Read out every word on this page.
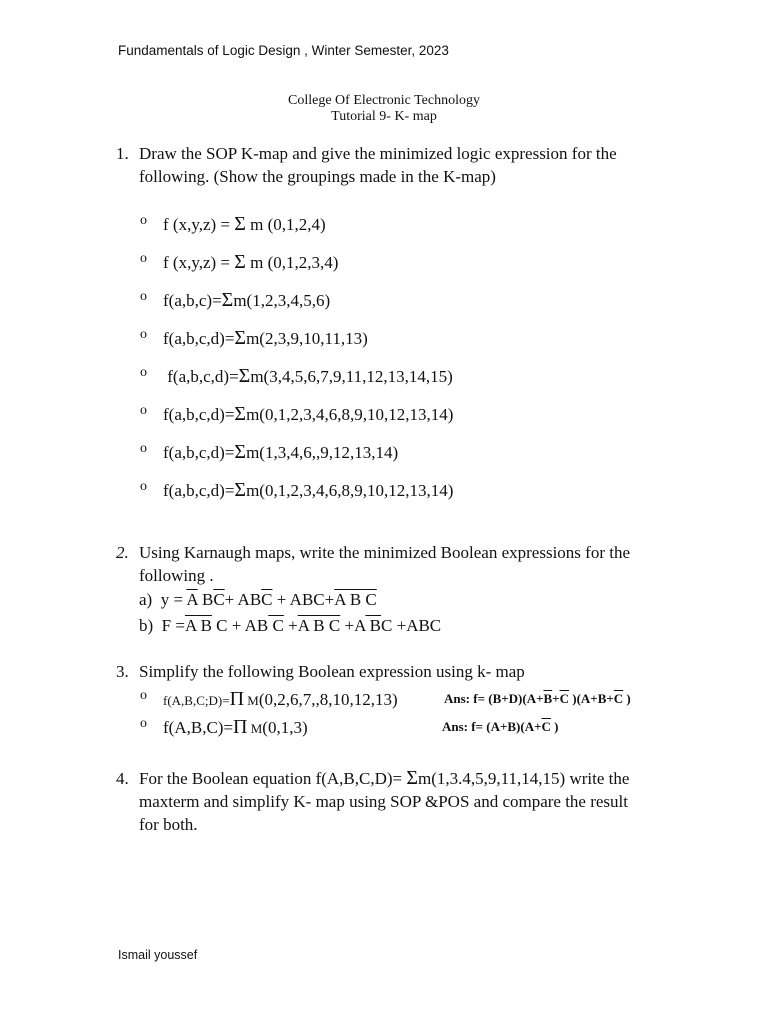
Fundamentals of Logic Design , Winter Semester, 2023
College Of Electronic Technology
Tutorial 9- K- map
1. Draw the SOP K-map and give the minimized logic expression for the following. (Show the groupings made in the K-map)
o f (x,y,z) = Σ m (0,1,2,4)
o f (x,y,z) = Σ m (0,1,2,3,4)
o f(a,b,c)=Σm(1,2,3,4,5,6)
o f(a,b,c,d)=Σm(2,3,9,10,11,13)
o f(a,b,c,d)=Σm(3,4,5,6,7,9,11,12,13,14,15)
o f(a,b,c,d)=Σm(0,1,2,3,4,6,8,9,10,12,13,14)
o f(a,b,c,d)=Σm(1,3,4,6,,9,12,13,14)
o f(a,b,c,d)=Σm(0,1,2,3,4,6,8,9,10,12,13,14)
2. Using Karnaugh maps, write the minimized Boolean expressions for the following .
a) $y = \overline{A}$ $B\overline{C}+ AB\overline{C} + ABC+\overline{A}$ B C
b) $F =\overline{A}$ B C + AB $C +\overline{A}$ B C +A BC +ABC
3. Simplify the following Boolean expression using k- map
o f(A,B,C;D)=Π M(0,2,6,7,,8,10,12,13)	Ans: $f= (B+D)(A+\overline{B}+\overline{C}$ )($A+B+\overline{C}$ )
o f(A,B,C)=Π M(0,1,3)	Ans: $f= (A+B)(A+\overline{C}$ )
4. For the Boolean equation f(A,B,C,D)= Σm(1,3.4,5,9,11,14,15) write the maxterm and simplify K- map using SOP &POS and compare the result for both.
Ismail youssef
